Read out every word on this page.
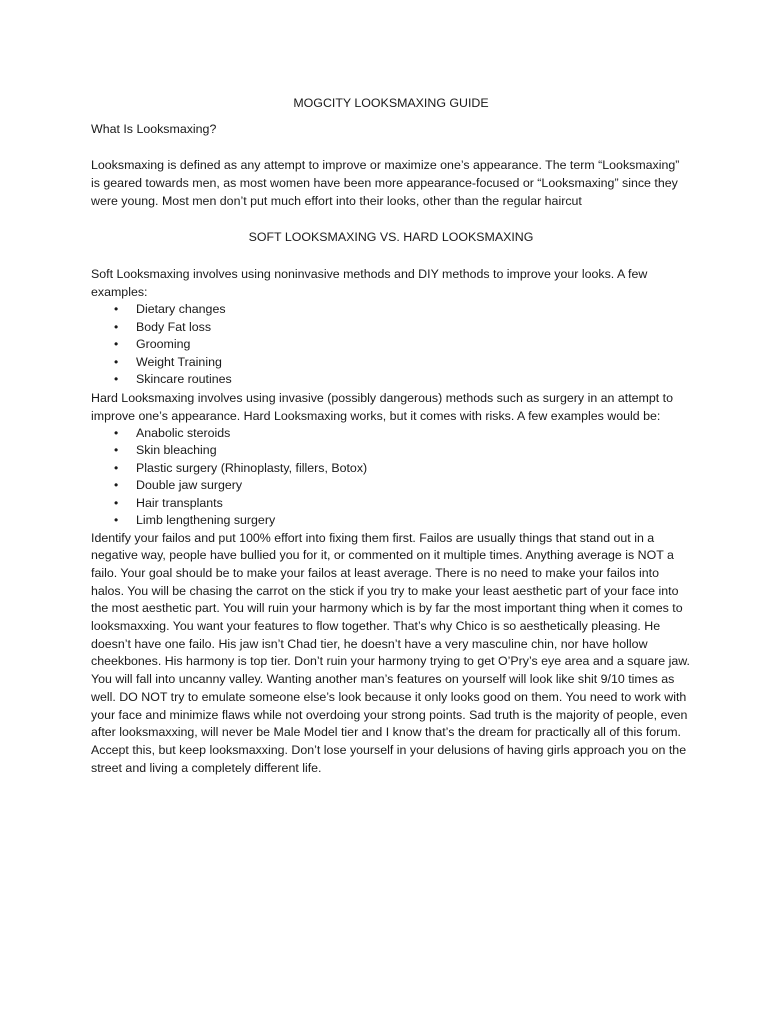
MOGCITY LOOKSMAXING GUIDE
What Is Looksmaxing?
Looksmaxing is defined as any attempt to improve or maximize one’s appearance. The term “Looksmaxing” is geared towards men, as most women have been more appearance-focused or “Looksmaxing” since they were young. Most men don’t put much effort into their looks, other than the regular haircut
SOFT LOOKSMAXING VS. HARD LOOKSMAXING
Soft Looksmaxing involves using noninvasive methods and DIY methods to improve your looks. A few examples:
• Dietary changes
• Body Fat loss
• Grooming
• Weight Training
• Skincare routines
Hard Looksmaxing involves using invasive (possibly dangerous) methods such as surgery in an attempt to improve one’s appearance. Hard Looksmaxing works, but it comes with risks. A few examples would be:
• Anabolic steroids
• Skin bleaching
• Plastic surgery (Rhinoplasty, fillers, Botox)
• Double jaw surgery
• Hair transplants
• Limb lengthening surgery
Identify your failos and put 100% effort into fixing them first. Failos are usually things that stand out in a negative way, people have bullied you for it, or commented on it multiple times. Anything average is NOT a failo. Your goal should be to make your failos at least average. There is no need to make your failos into halos. You will be chasing the carrot on the stick if you try to make your least aesthetic part of your face into the most aesthetic part. You will ruin your harmony which is by far the most important thing when it comes to looksmaxxing. You want your features to flow together. That’s why Chico is so aesthetically pleasing. He doesn’t have one failo. His jaw isn’t Chad tier, he doesn’t have a very masculine chin, nor have hollow cheekbones. His harmony is top tier. Don’t ruin your harmony trying to get O’Pry’s eye area and a square jaw. You will fall into uncanny valley. Wanting another man’s features on yourself will look like shit 9/10 times as well. DO NOT try to emulate someone else’s look because it only looks good on them. You need to work with your face and minimize flaws while not overdoing your strong points. Sad truth is the majority of people, even after looksmaxxing, will never be Male Model tier and I know that’s the dream for practically all of this forum. Accept this, but keep looksmaxxing. Don’t lose yourself in your delusions of having girls approach you on the street and living a completely different life.
